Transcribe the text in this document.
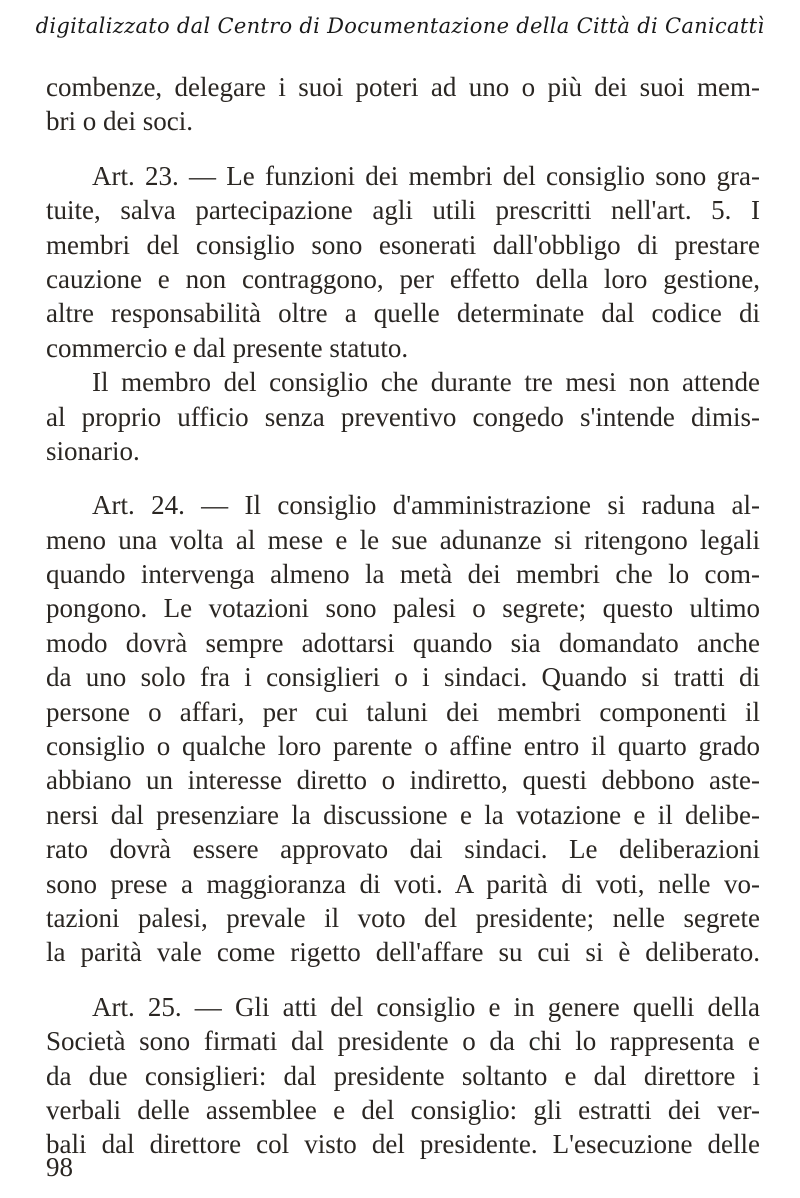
digitalizzato dal Centro di Documentazione della Città di Canicattì
combenze, delegare i suoi poteri ad uno o più dei suoi mem-
bri o dei soci.
Art. 23. — Le funzioni dei membri del consiglio sono gra-
tuite, salva partecipazione agli utili prescritti nell'art. 5. I
membri del consiglio sono esonerati dall'obbligo di prestare
cauzione e non contraggono, per effetto della loro gestione,
altre responsabilità oltre a quelle determinate dal codice di
commercio e dal presente statuto.
Il membro del consiglio che durante tre mesi non attende
al proprio ufficio senza preventivo congedo s'intende dimis-
sionario.
Art. 24. — Il consiglio d'amministrazione si raduna al-
meno una volta al mese e le sue adunanze si ritengono legali
quando intervenga almeno la metà dei membri che lo com-
pongono. Le votazioni sono palesi o segrete; questo ultimo
modo dovrà sempre adottarsi quando sia domandato anche
da uno solo fra i consiglieri o i sindaci. Quando si tratti di
persone o affari, per cui taluni dei membri componenti il
consiglio o qualche loro parente o affine entro il quarto grado
abbiano un interesse diretto o indiretto, questi debbono aste-
nersi dal presenziare la discussione e la votazione e il delibe-
rato dovrà essere approvato dai sindaci. Le deliberazioni
sono prese a maggioranza di voti. A parità di voti, nelle vo-
tazioni palesi, prevale il voto del presidente; nelle segrete
la parità vale come rigetto dell'affare su cui si è deliberato.
Art. 25. — Gli atti del consiglio e in genere quelli della
Società sono firmati dal presidente o da chi lo rappresenta e
da due consiglieri: dal presidente soltanto e dal direttore i
verbali delle assemblee e del consiglio: gli estratti dei ver-
bali dal direttore col visto del presidente. L'esecuzione delle
98
